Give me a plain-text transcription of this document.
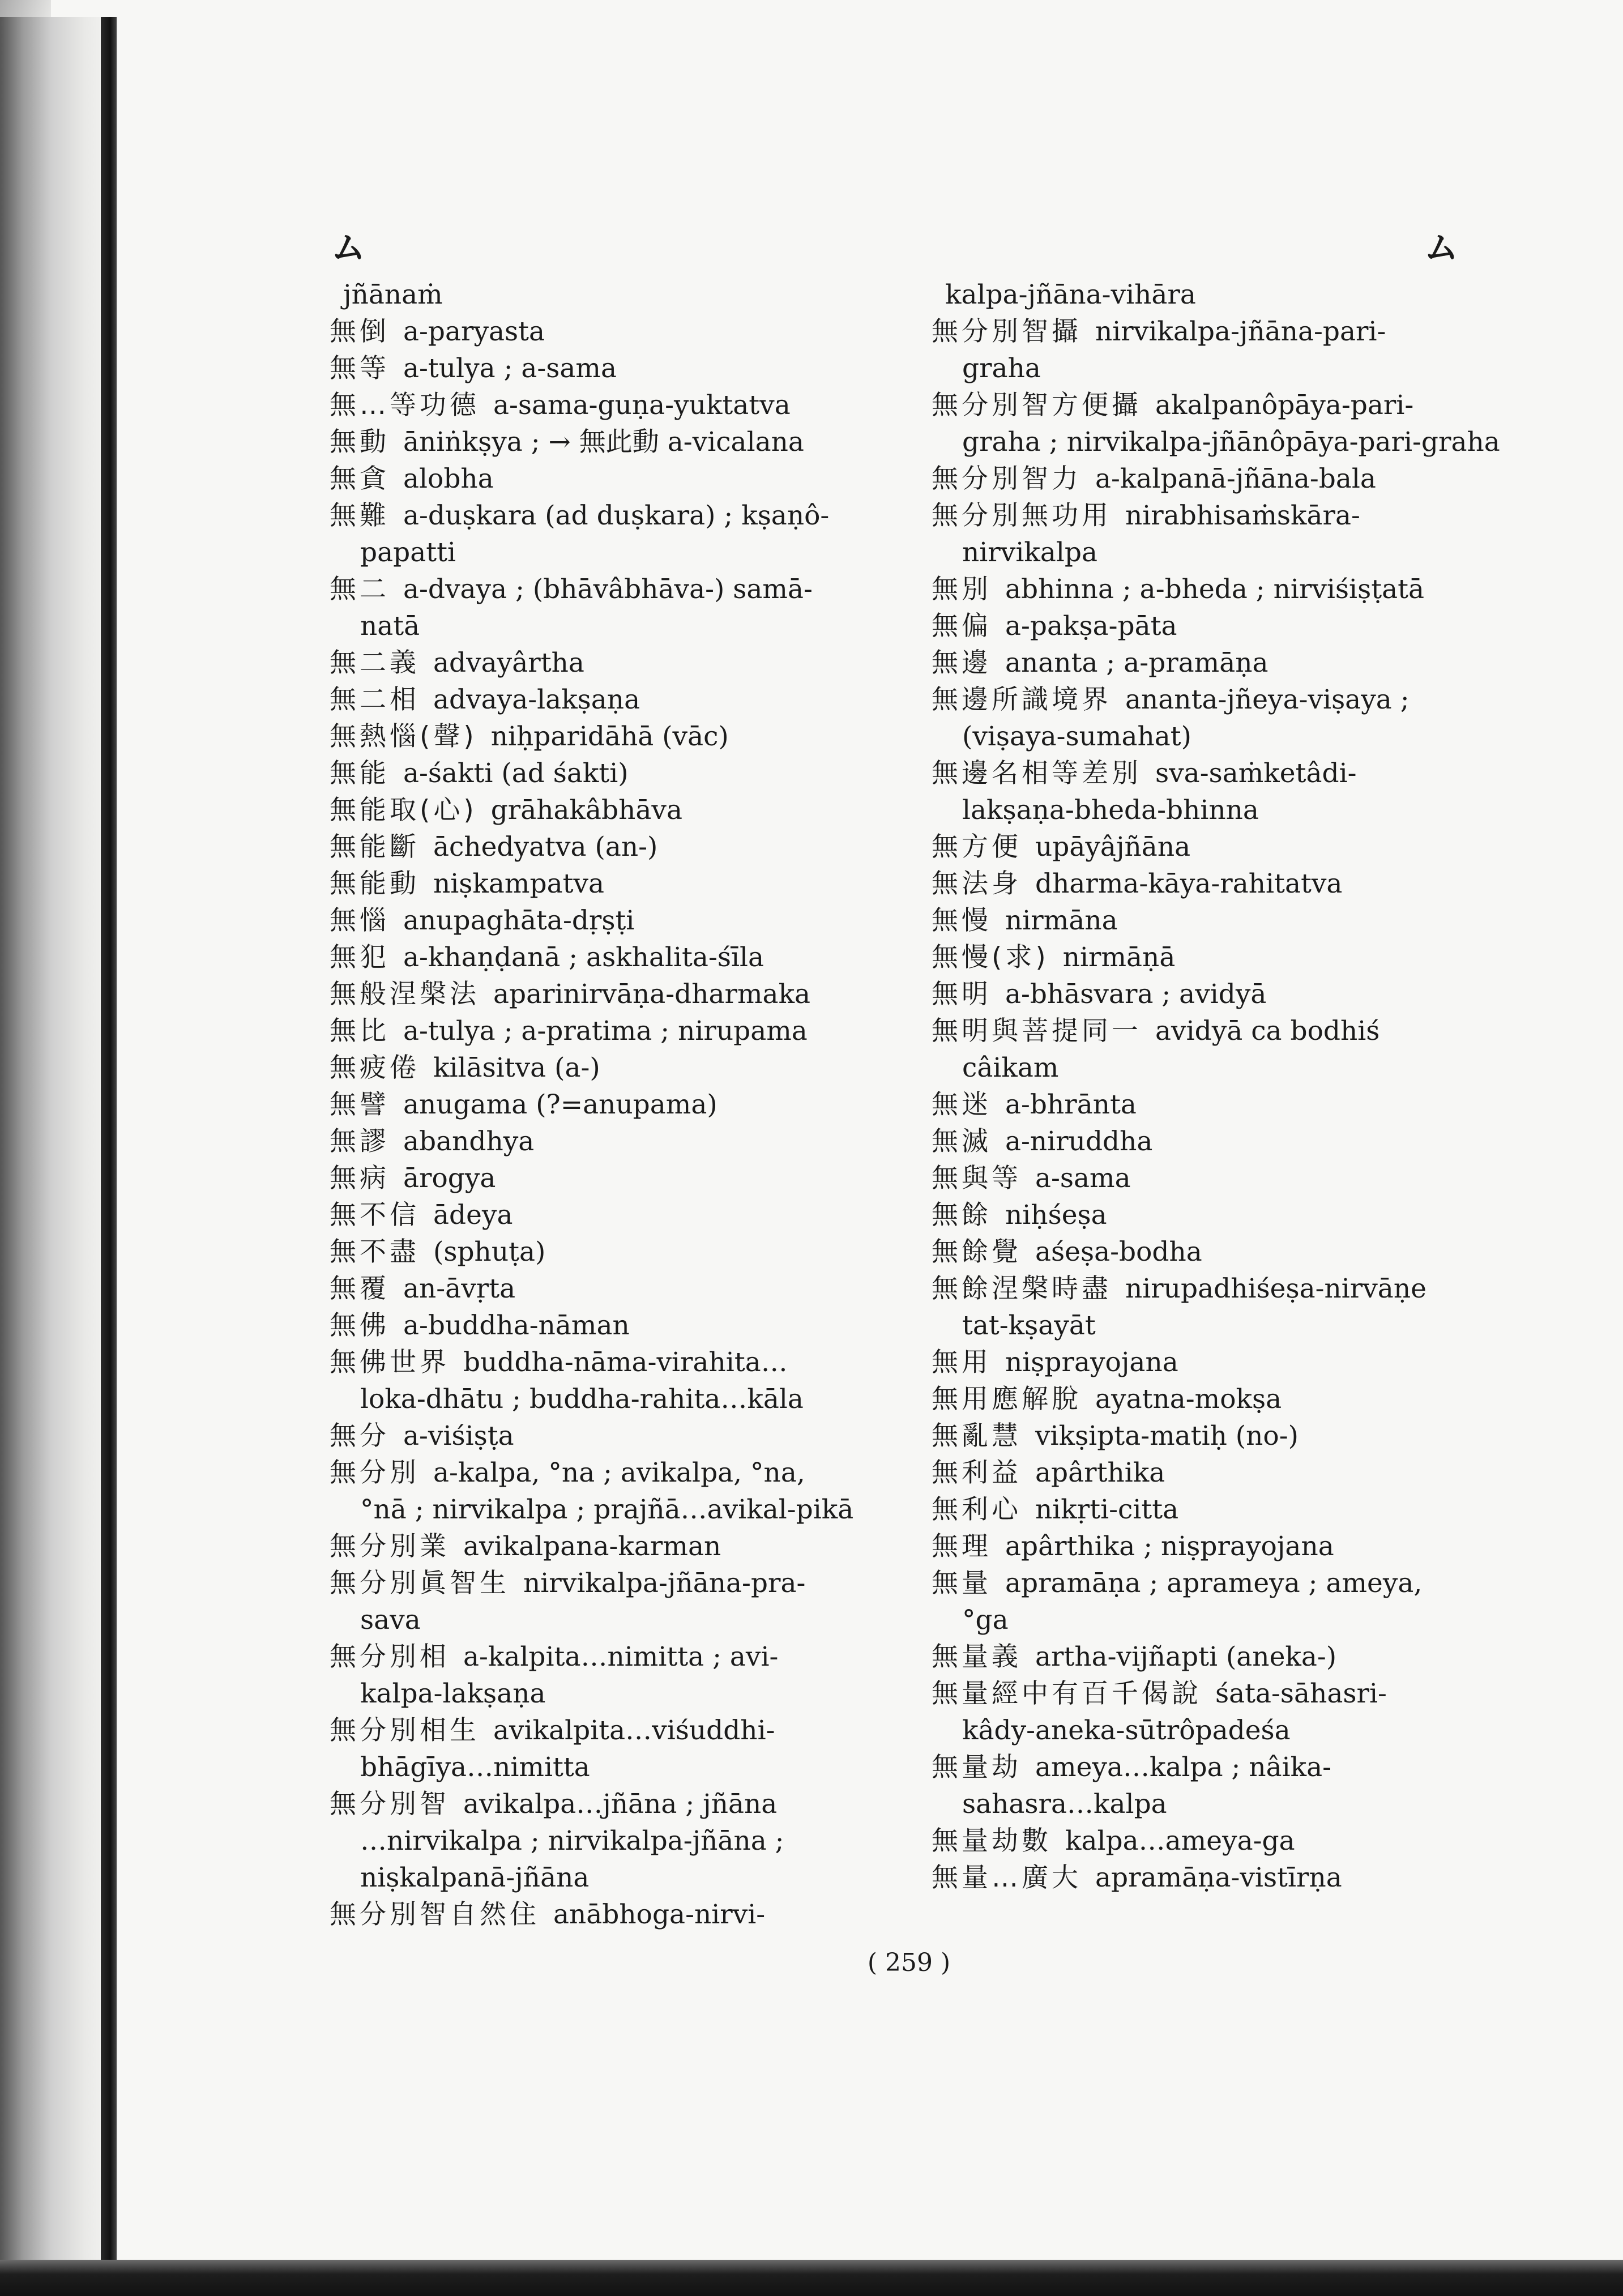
ム	ム
jñānaṁ
無倒 a-paryasta
無等 a-tulya ; a-sama
無…等功德 a-sama-guṇa-yuktatva
無動 āniṅkṣya ; → 無此動 a-vicalana
無貪 alobha
無難 a-duṣkara (ad duṣkara) ; kṣaṇô-
papatti
無二 a-dvaya ; (bhāvâbhāva-) samā-
natā
無二義 advayârtha
無二相 advaya-lakṣaṇa
無熱惱(聲) niḥparidāhā (vāc)
無能 a-śakti (ad śakti)
無能取(心) grāhakâbhāva
無能斷 āchedyatva (an-)
無能動 niṣkampatva
無惱 anupaghāta-dṛṣṭi
無犯 a-khaṇḍanā ; askhalita-śīla
無般涅槃法 aparinirvāṇa-dharmaka
無比 a-tulya ; a-pratima ; nirupama
無疲倦 kilāsitva (a-)
無譬 anugama (?=anupama)
無謬 abandhya
無病 ārogya
無不信 ādeya
無不盡 (sphuṭa)
無覆 an-āvṛta
無佛 a-buddha-nāman
無佛世界 buddha-nāma-virahita…
loka-dhātu ; buddha-rahita…kāla
無分 a-viśiṣṭa
無分別 a-kalpa, °na ; avikalpa, °na,
°nā ; nirvikalpa ; prajñā…avikal-pikā
無分別業 avikalpana-karman
無分別眞智生 nirvikalpa-jñāna-pra-
sava
無分別相 a-kalpita…nimitta ; avi-
kalpa-lakṣaṇa
無分別相生 avikalpita…viśuddhi-
bhāgīya…nimitta
無分別智 avikalpa…jñāna ; jñāna
…nirvikalpa ; nirvikalpa-jñāna ; niṣkalpanā-jñāna
無分別智自然住 anābhoga-nirvi-
kalpa-jñāna-vihāra
無分別智攝 nirvikalpa-jñāna-pari-
graha
無分別智方便攝 akalpanôpāya-pari-
graha ; nirvikalpa-jñānôpāya-pari-graha
無分別智力 a-kalpanā-jñāna-bala
無分別無功用 nirabhisaṁskāra-
nirvikalpa
無別 abhinna ; a-bheda ; nirviśiṣṭatā
無偏 a-pakṣa-pāta
無邊 ananta ; a-pramāṇa
無邊所識境界 ananta-jñeya-viṣaya ;
(viṣaya-sumahat)
無邊名相等差別 sva-saṁketâdi-
lakṣaṇa-bheda-bhinna
無方便 upāyâjñāna
無法身 dharma-kāya-rahitatva
無慢 nirmāna
無慢(求) nirmāṇā
無明 a-bhāsvara ; avidyā
無明與菩提同一 avidyā ca bodhiś
câikam
無迷 a-bhrānta
無滅 a-niruddha
無與等 a-sama
無餘 niḥśeṣa
無餘覺 aśeṣa-bodha
無餘涅槃時盡 nirupadhiśeṣa-nirvāṇe
tat-kṣayāt
無用 niṣprayojana
無用應解脫 ayatna-mokṣa
無亂慧 vikṣipta-matiḥ (no-)
無利益 apârthika
無利心 nikṛti-citta
無理 apârthika ; niṣprayojana
無量 apramāṇa ; aprameya ; ameya,
°ga
無量義 artha-vijñapti (aneka-)
無量經中有百千偈說 śata-sāhasri-
kâdy-aneka-sūtrôpadeśa
無量劫 ameya…kalpa ; nâika-
sahasra…kalpa
無量劫數 kalpa…ameya-ga
無量…廣大 apramāṇa-vistīrṇa
( 259 )
